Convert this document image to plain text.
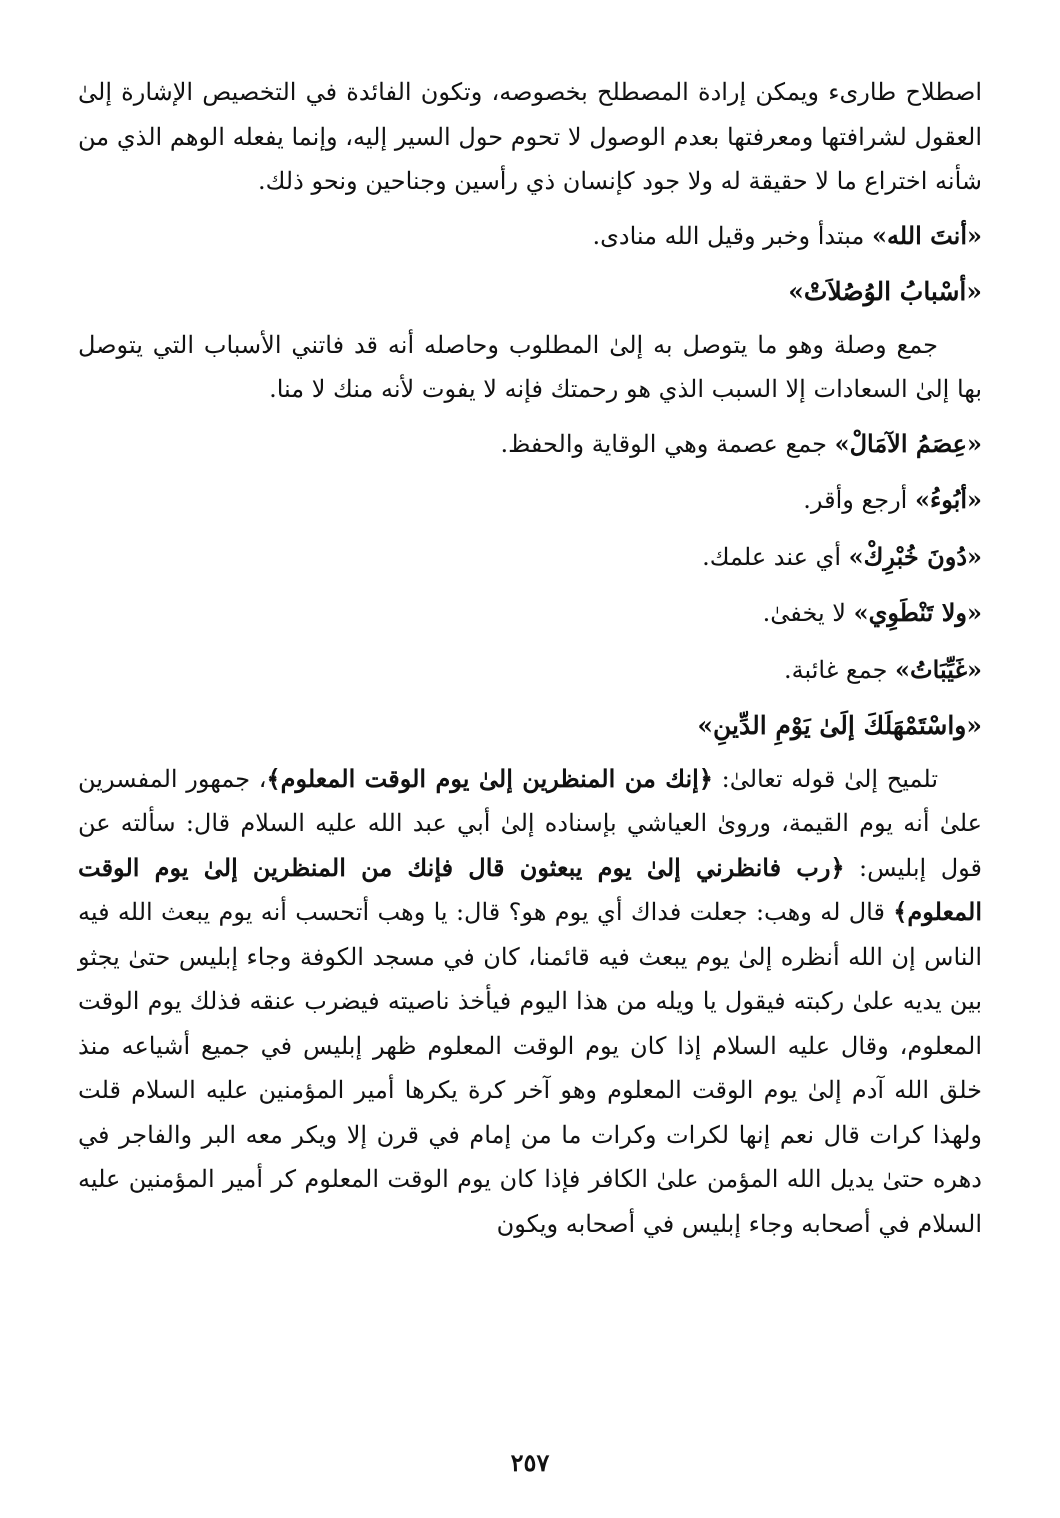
اصطلاح طارىء ويمكن إرادة المصطلح بخصوصه، وتكون الفائدة في التخصيص الإشارة إلىٰ العقول لشرافتها ومعرفتها بعدم الوصول لا تحوم حول السير إليه، وإنما يفعله الوهم الذي من شأنه اختراع ما لا حقيقة له ولا جود كإنسان ذي رأسين وجناحين ونحو ذلك.

«أنتَ الله» مبتدأ وخبر وقيل الله منادى.

«أسْبابُ الوُصُلاَتْ»

جمع وصلة وهو ما يتوصل به إلىٰ المطلوب وحاصله أنه قد فاتني الأسباب التي يتوصل بها إلىٰ السعادات إلا السبب الذي هو رحمتك فإنه لا يفوت لأنه منك لا منا.

«عِصَمُ الآمَالْ» جمع عصمة وهي الوقاية والحفظ.

«أبُوءُ» أرجع وأقر.

«دُونَ خُبْرِكْ» أي عند علمك.

«ولا تَنْطَوِي» لا يخفىٰ.

«غَيِّبَاتُ» جمع غائبة.

«واسْتَمْهَلَكَ إلَىٰ يَوْمِ الدِّينِ»

تلميح إلىٰ قوله تعالىٰ: ﴿إنك من المنظرين إلىٰ يوم الوقت المعلوم﴾، جمهور المفسرين علىٰ أنه يوم القيمة، وروىٰ العياشي بإسناده إلىٰ أبي عبد الله عليه السلام قال: سألته عن قول إبليس: ﴿رب فانظرني إلىٰ يوم يبعثون قال فإنك من المنظرين إلىٰ يوم الوقت المعلوم﴾ قال له وهب: جعلت فداك أي يوم هو؟ قال: يا وهب أتحسب أنه يوم يبعث الله فيه الناس إن الله أنظره إلىٰ يوم يبعث فيه قائمنا، كان في مسجد الكوفة وجاء إبليس حتىٰ يجثو بين يديه علىٰ ركبته فيقول يا ويله من هذا اليوم فيأخذ ناصيته فيضرب عنقه فذلك يوم الوقت المعلوم، وقال عليه السلام إذا كان يوم الوقت المعلوم ظهر إبليس في جميع أشياعه منذ خلق الله آدم إلىٰ يوم الوقت المعلوم وهو آخر كرة يكرها أمير المؤمنين عليه السلام قلت ولهذا كرات قال نعم إنها لكرات وكرات ما من إمام في قرن إلا ويكر معه البر والفاجر في دهره حتىٰ يديل الله المؤمن علىٰ الكافر فإذا كان يوم الوقت المعلوم كر أمير المؤمنين عليه السلام في أصحابه وجاء إبليس في أصحابه ويكون

٢٥٧
